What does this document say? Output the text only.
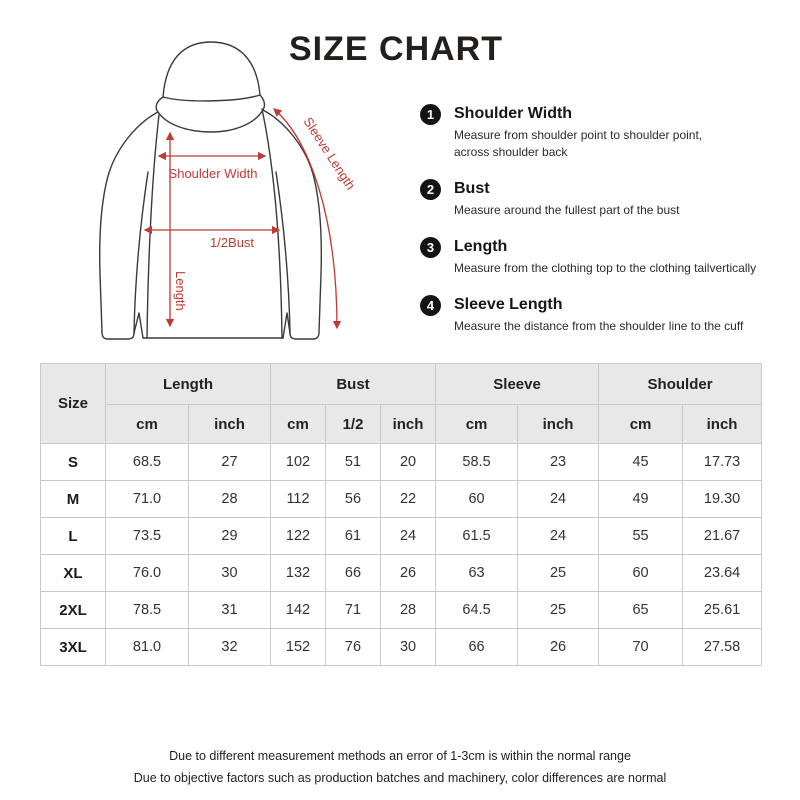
SIZE CHART
Length
Shoulder Width
1/2Bust
Sleeve Length	1	Shoulder Width
Measure from shoulder point to shoulder point,
across shoulder back
2	Bust
Measure around the fullest part of the bust
3	Length
Measure from the clothing top to the clothing tailvertically
4	Sleeve Length
Measure the distance from the shoulder line to the cuff
Size	Length		Bust			Sleeve		Shoulder	
	cm	inch	cm	1/2	inch	cm	inch	cm	inch
S	68.5	27	102	51	20	58.5	23	45	17.73
M	71.0	28	112	56	22	60	24	49	19.30
L	73.5	29	122	61	24	61.5	24	55	21.67
XL	76.0	30	132	66	26	63	25	60	23.64
2XL	78.5	31	142	71	28	64.5	25	65	25.61
3XL	81.0	32	152	76	30	66	26	70	27.58
Due to different measurement methods an error of 1-3cm is within the normal range
Due to objective factors such as production batches and machinery, color differences are normal
